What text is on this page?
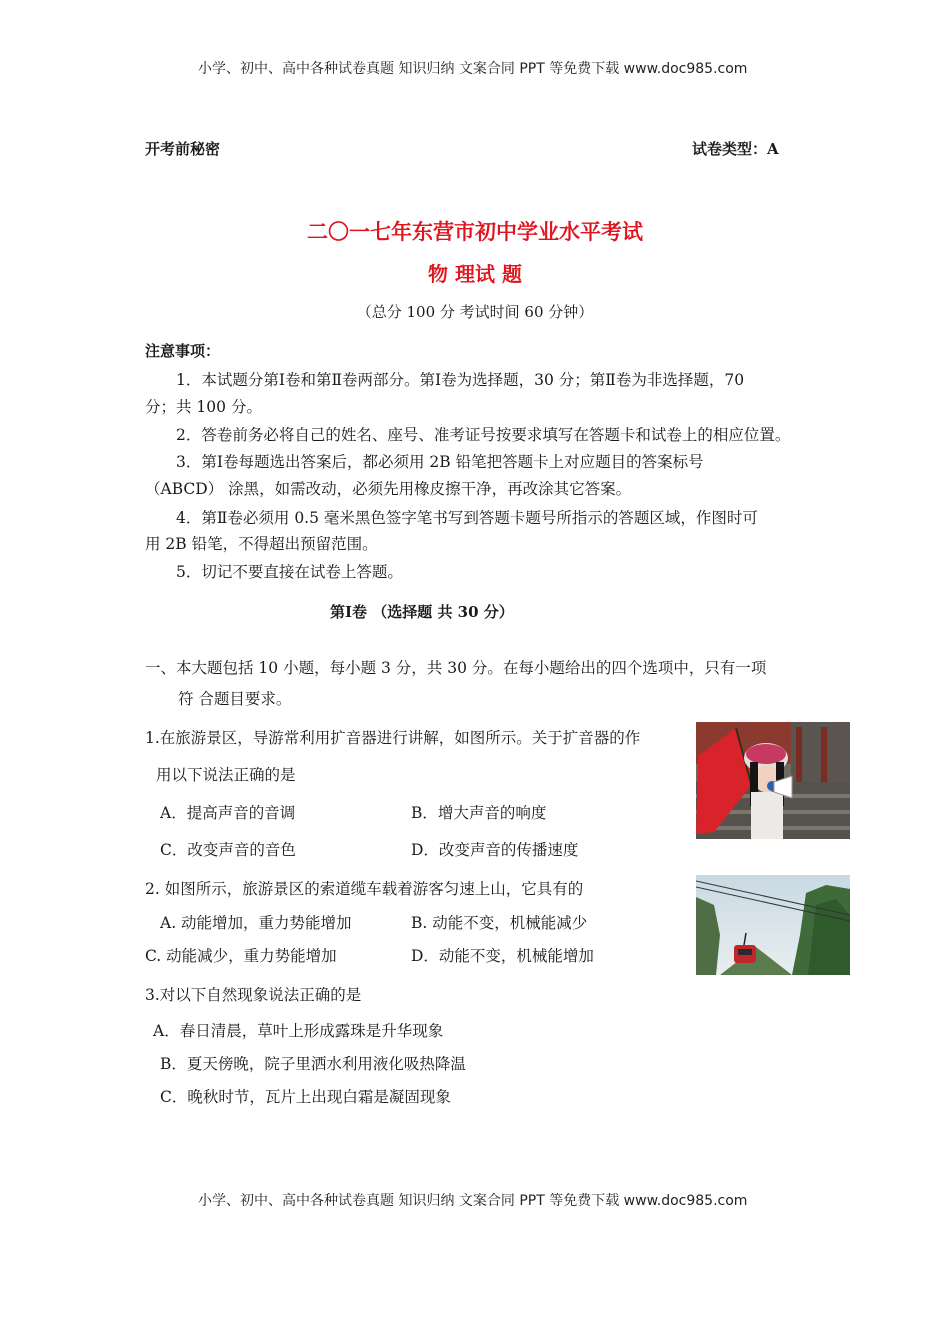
小学、初中、高中各种试卷真题 知识归纳 文案合同 PPT 等免费下载 www.doc985.com
开考前秘密	试卷类型：A
二〇一七年东营市初中学业水平考试
物 理试 题
（总分 100 分 考试时间 60 分钟）
注意事项：
1．本试题分第Ⅰ卷和第Ⅱ卷两部分。第Ⅰ卷为选择题，30 分；第Ⅱ卷为非选择题，70
分；共 100 分。
2．答卷前务必将自己的姓名、座号、准考证号按要求填写在答题卡和试卷上的相应位置。
3．第Ⅰ卷每题选出答案后，都必须用 2B 铅笔把答题卡上对应题目的答案标号
（ABCD） 涂黑，如需改动，必须先用橡皮擦干净，再改涂其它答案。
4．第Ⅱ卷必须用 0.5 毫米黑色签字笔书写到答题卡题号所指示的答题区域，作图时可
用 2B 铅笔，不得超出预留范围。
5．切记不要直接在试卷上答题。
第Ⅰ卷 （选择题 共 30 分）
一、本大题包括 10 小题，每小题 3 分，共 30 分。在每小题给出的四个选项中，只有一项
符 合题目要求。
1.在旅游景区，导游常利用扩音器进行讲解，如图所示。关于扩音器的作
用以下说法正确的是
A．提高声音的音调	B．增大声音的响度
C．改变声音的音色	D．改变声音的传播速度
2. 如图所示，旅游景区的索道缆车载着游客匀速上山，它具有的
A. 动能增加，重力势能增加	B. 动能不变，机械能减少
C. 动能减少，重力势能增加	D．动能不变，机械能增加
3.对以下自然现象说法正确的是
A．春日清晨，草叶上形成露珠是升华现象
B．夏天傍晚，院子里洒水利用液化吸热降温
C．晚秋时节，瓦片上出现白霜是凝固现象
小学、初中、高中各种试卷真题 知识归纳 文案合同 PPT 等免费下载 www.doc985.com
